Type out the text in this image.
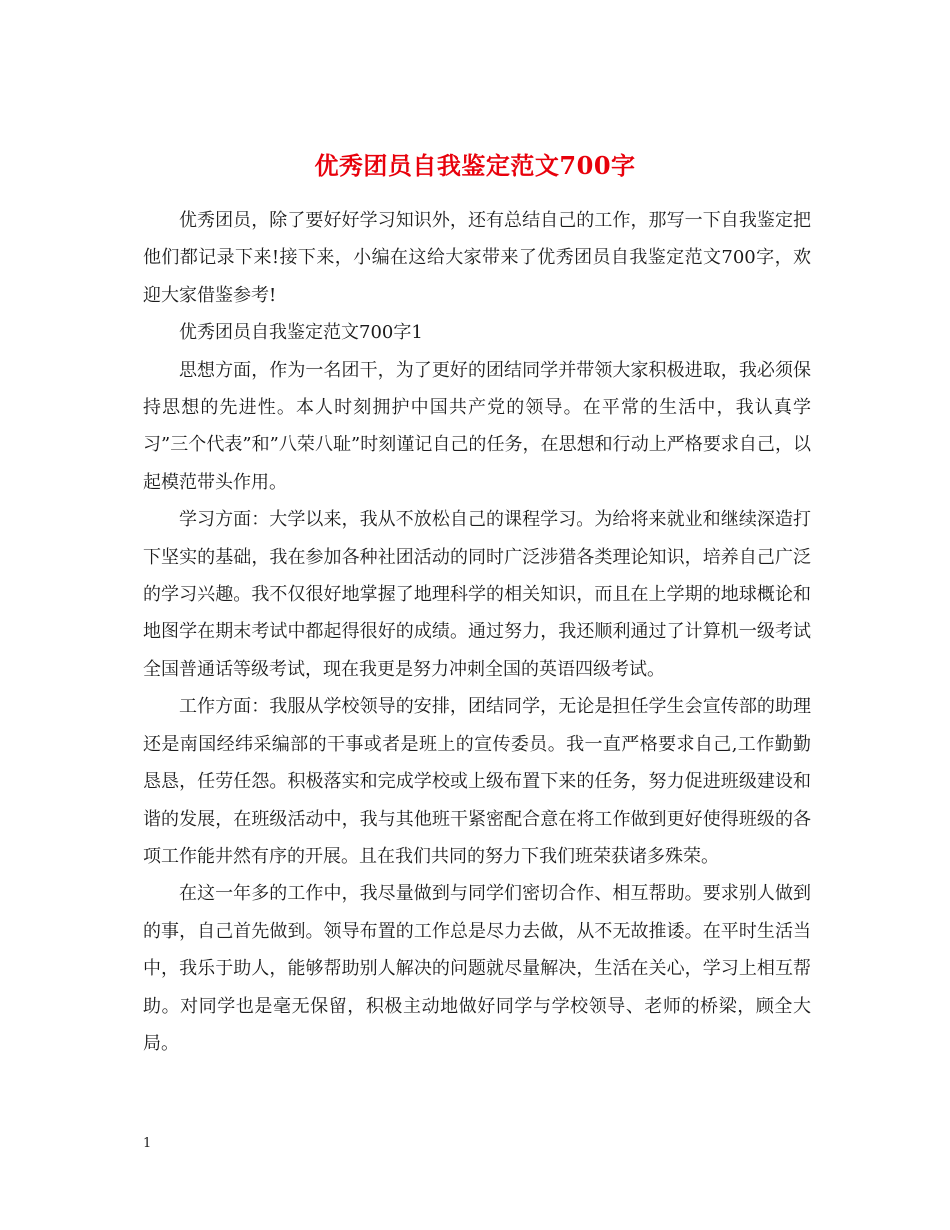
优秀团员自我鉴定范文700字

优秀团员，除了要好好学习知识外，还有总结自己的工作，那写一下自我鉴定把他们都记录下来!接下来，小编在这给大家带来了优秀团员自我鉴定范文700字，欢迎大家借鉴参考!

优秀团员自我鉴定范文700字1

思想方面，作为一名团干，为了更好的团结同学并带领大家积极进取，我必须保持思想的先进性。本人时刻拥护中国共产党的领导。在平常的生活中，我认真学习”三个代表”和”八荣八耻”时刻谨记自己的任务，在思想和行动上严格要求自己，以起模范带头作用。

学习方面：大学以来，我从不放松自己的课程学习。为给将来就业和继续深造打下坚实的基础，我在参加各种社团活动的同时广泛涉猎各类理论知识，培养自己广泛的学习兴趣。我不仅很好地掌握了地理科学的相关知识，而且在上学期的地球概论和地图学在期末考试中都起得很好的成绩。通过努力，我还顺利通过了计算机一级考试全国普通话等级考试，现在我更是努力冲刺全国的英语四级考试。

工作方面：我服从学校领导的安排，团结同学，无论是担任学生会宣传部的助理还是南国经纬采编部的干事或者是班上的宣传委员。我一直严格要求自己,工作勤勤恳恳，任劳任怨。积极落实和完成学校或上级布置下来的任务，努力促进班级建设和谐的发展，在班级活动中，我与其他班干紧密配合意在将工作做到更好使得班级的各项工作能井然有序的开展。且在我们共同的努力下我们班荣获诸多殊荣。

在这一年多的工作中，我尽量做到与同学们密切合作、相互帮助。要求别人做到的事，自己首先做到。领导布置的工作总是尽力去做，从不无故推诿。在平时生活当中，我乐于助人，能够帮助别人解决的问题就尽量解决，生活在关心，学习上相互帮助。对同学也是毫无保留，积极主动地做好同学与学校领导、老师的桥梁，顾全大局。

1
